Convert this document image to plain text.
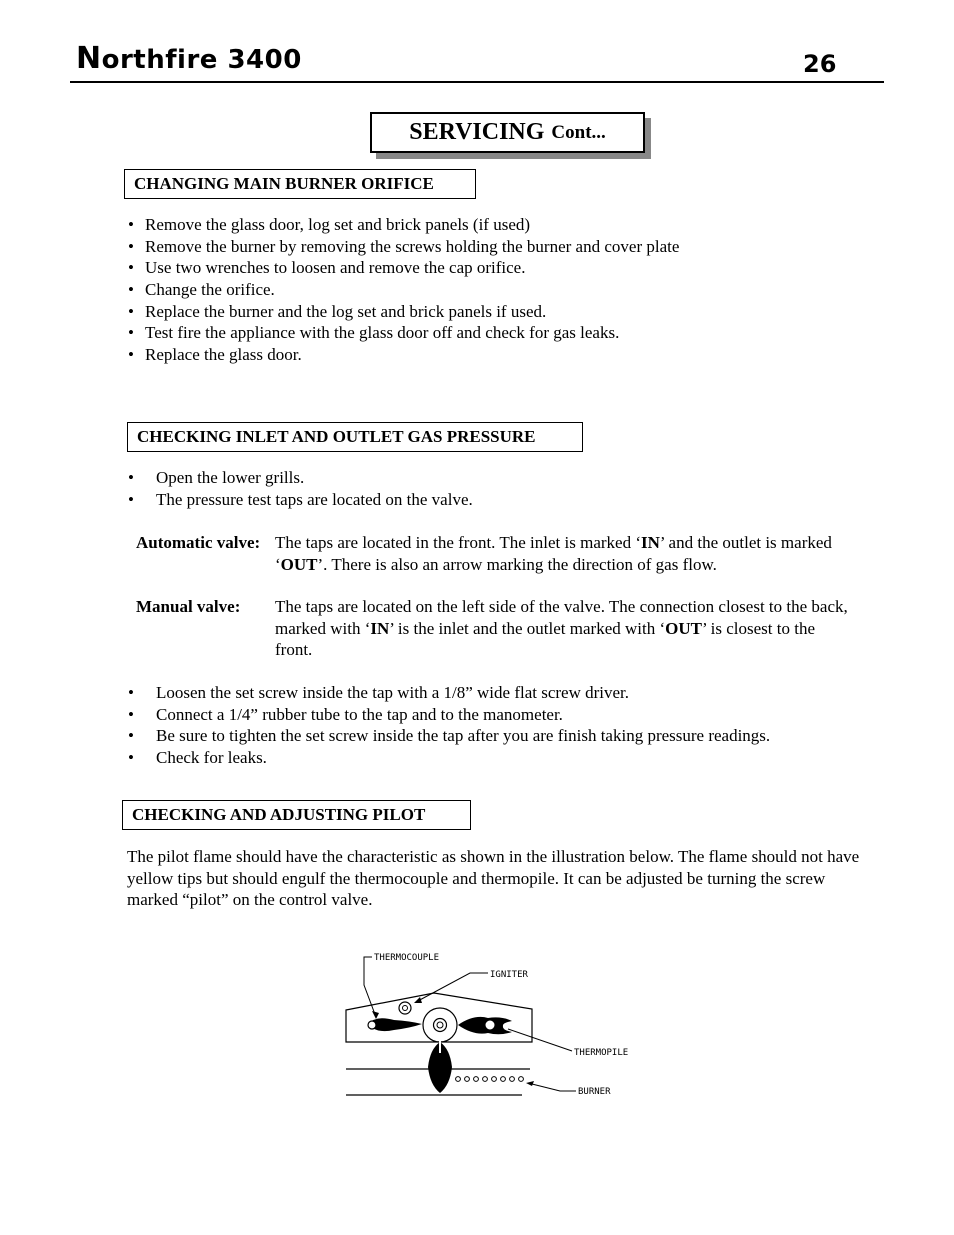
Northfire 3400	26
SERVICING Cont...
CHANGING MAIN BURNER ORIFICE
• Remove the glass door, log set and brick panels (if used)
• Remove the burner by removing the screws holding the burner and cover plate
• Use two wrenches to loosen and remove the cap orifice.
• Change the orifice.
• Replace the burner and the log set and brick panels if used.
• Test fire the appliance with the glass door off and check for gas leaks.
• Replace the glass door.
CHECKING INLET AND OUTLET GAS PRESSURE
• Open the lower grills.
• The pressure test taps are located on the valve.
Automatic valve: The taps are located in the front. The inlet is marked ‘IN’ and the outlet is marked ‘OUT’. There is also an arrow marking the direction of gas flow.
Manual valve: The taps are located on the left side of the valve. The connection closest to the back, marked with ‘IN’ is the inlet and the outlet marked with ‘OUT’ is closest to the front.
• Loosen the set screw inside the tap with a 1/8” wide flat screw driver.
• Connect a 1/4” rubber tube to the tap and to the manometer.
• Be sure to tighten the set screw inside the tap after you are finish taking pressure readings.
• Check for leaks.
CHECKING AND ADJUSTING PILOT
The pilot flame should have the characteristic as shown in the illustration below. The flame should not have yellow tips but should engulf the thermocouple and thermopile. It can be adjusted be turning the screw marked “pilot” on the control valve.
THERMOCOUPLE
IGNITER
THERMOPILE
BURNER
